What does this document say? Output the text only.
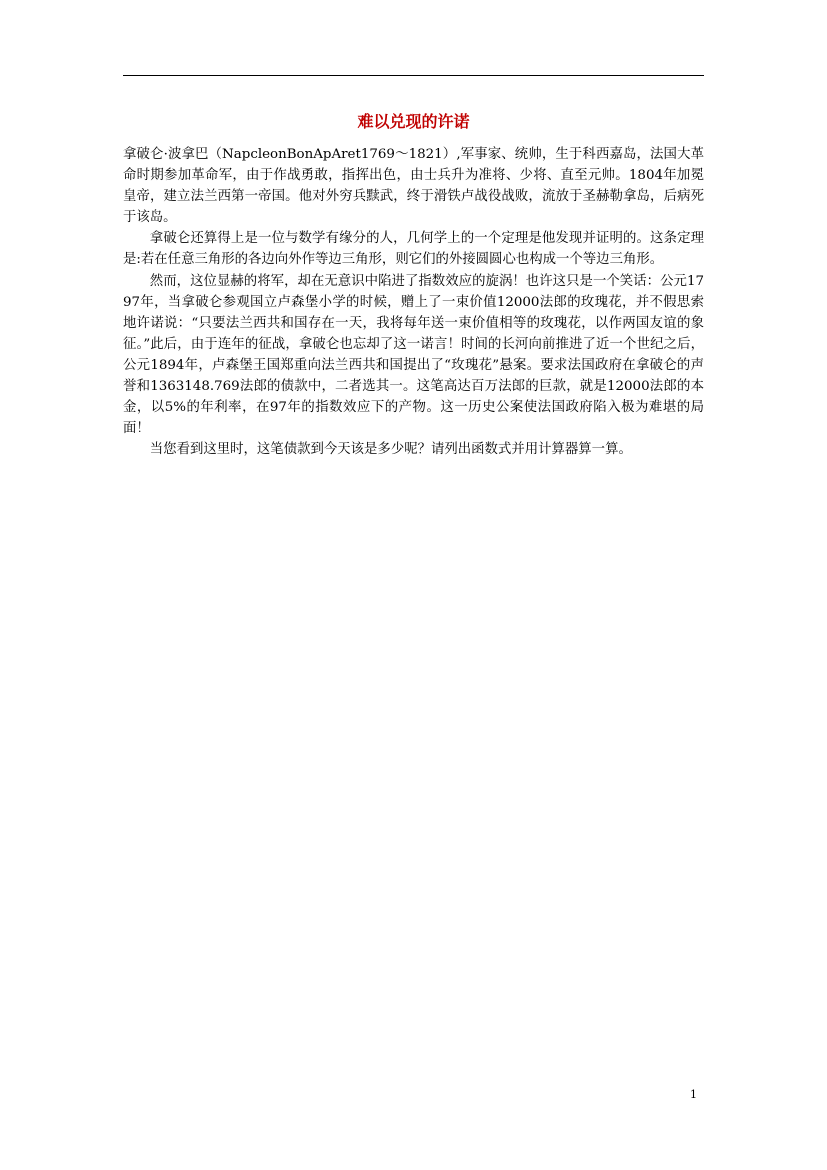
难以兑现的许诺

拿破仑·波拿巴（NapcleonBonApAret1769～1821）,军事家、统帅，生于科西嘉岛，法国大革命时期参加革命军，由于作战勇敢，指挥出色，由士兵升为准将、少将、直至元帅。1804年加冕皇帝，建立法兰西第一帝国。他对外穷兵黩武，终于滑铁卢战役战败，流放于圣赫勒拿岛，后病死于该岛。

拿破仑还算得上是一位与数学有缘分的人，几何学上的一个定理是他发现并证明的。这条定理是:若在任意三角形的各边向外作等边三角形，则它们的外接圆圆心也构成一个等边三角形。

然而，这位显赫的将军，却在无意识中陷进了指数效应的旋涡！也许这只是一个笑话：公元1797年，当拿破仑参观国立卢森堡小学的时候，赠上了一束价值12000法郎的玫瑰花，并不假思索地许诺说：“只要法兰西共和国存在一天，我将每年送一束价值相等的玫瑰花，以作两国友谊的象征。”此后，由于连年的征战，拿破仑也忘却了这一诺言！时间的长河向前推进了近一个世纪之后，公元1894年，卢森堡王国郑重向法兰西共和国提出了“玫瑰花”悬案。要求法国政府在拿破仑的声誉和1363148.769法郎的债款中，二者选其一。这笔高达百万法郎的巨款，就是12000法郎的本金，以5%的年利率，在97年的指数效应下的产物。这一历史公案使法国政府陷入极为难堪的局面！

当您看到这里时，这笔债款到今天该是多少呢？请列出函数式并用计算器算一算。

1
